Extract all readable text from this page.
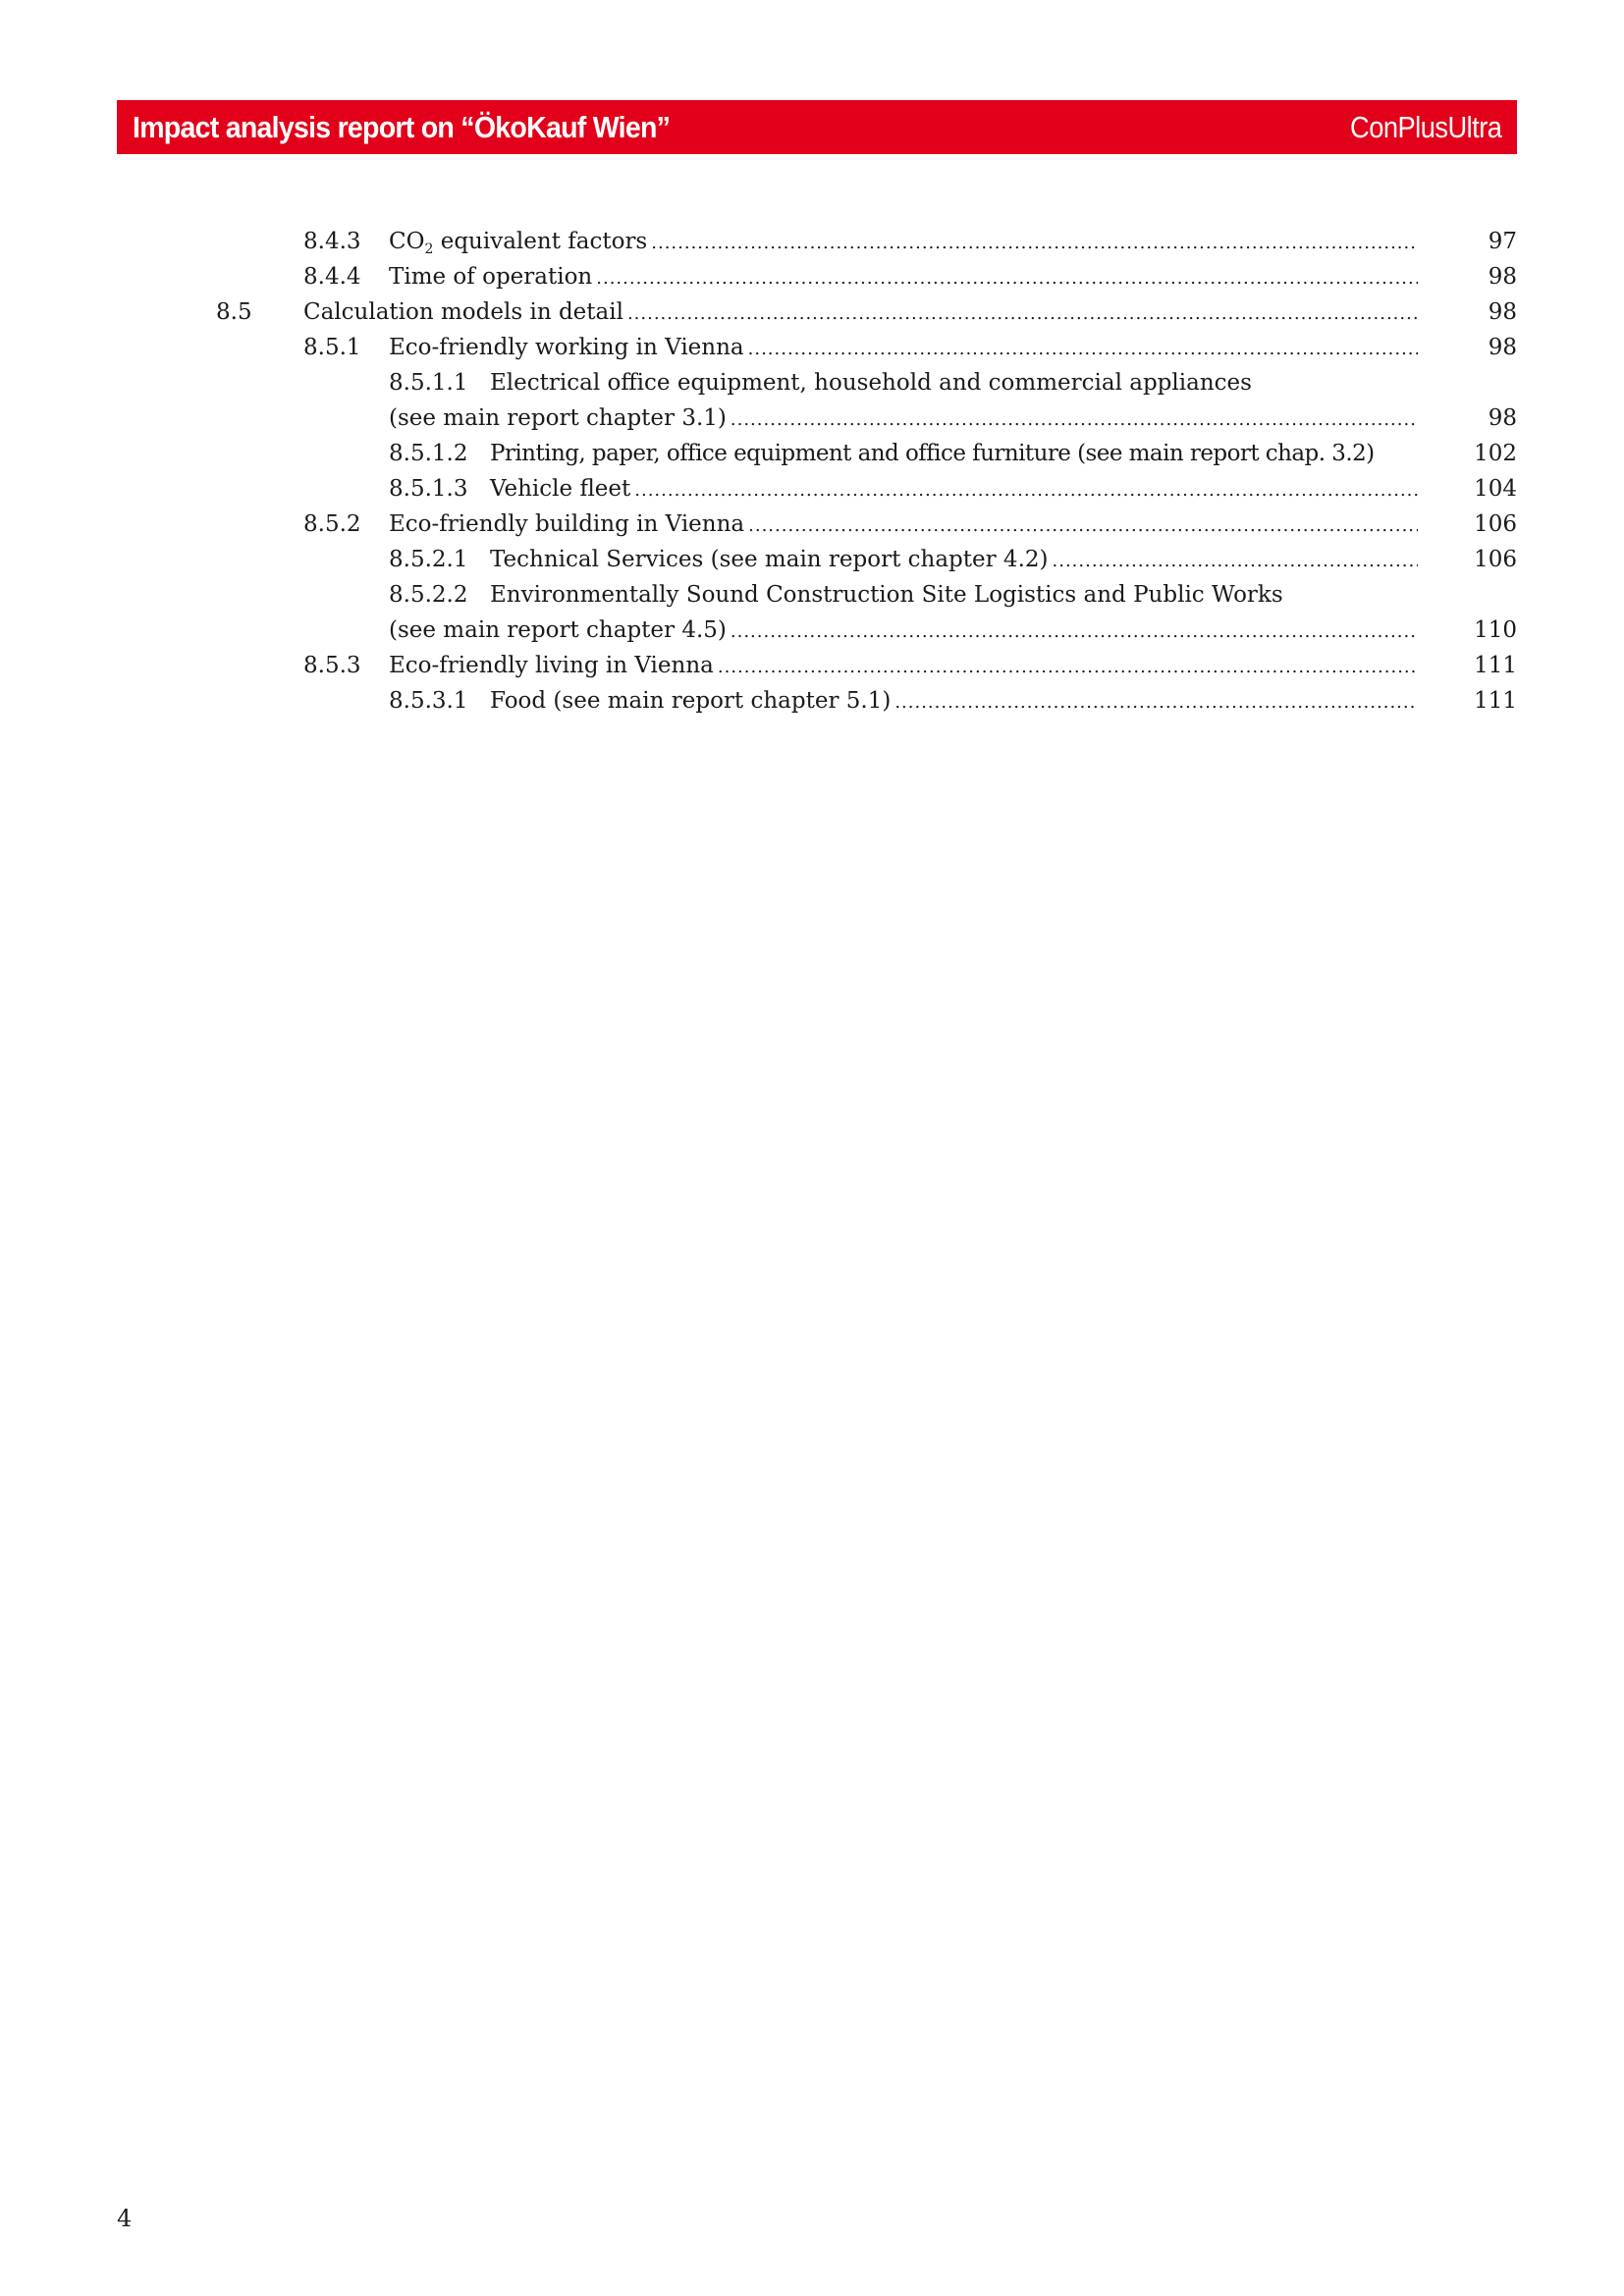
Impact analysis report on “ÖkoKauf Wien”	ConPlusUltra
8.4.3 $CO_2$ equivalent factors .....	97
8.4.4 Time of operation .....	98
8.5 Calculation models in detail .....	98
8.5.1 Eco-friendly working in Vienna .....	98
8.5.1.1 Electrical office equipment, household and commercial appliances
(see main report chapter 3.1) .....	98
8.5.1.2 Printing, paper, office equipment and office furniture (see main report chap. 3.2)	102
8.5.1.3 Vehicle fleet .....	104
8.5.2 Eco-friendly building in Vienna .....	106
8.5.2.1 Technical Services (see main report chapter 4.2) .....	106
8.5.2.2 Environmentally Sound Construction Site Logistics and Public Works
(see main report chapter 4.5) .....	110
8.5.3 Eco-friendly living in Vienna .....	111
8.5.3.1 Food (see main report chapter 5.1) .....	111
4
